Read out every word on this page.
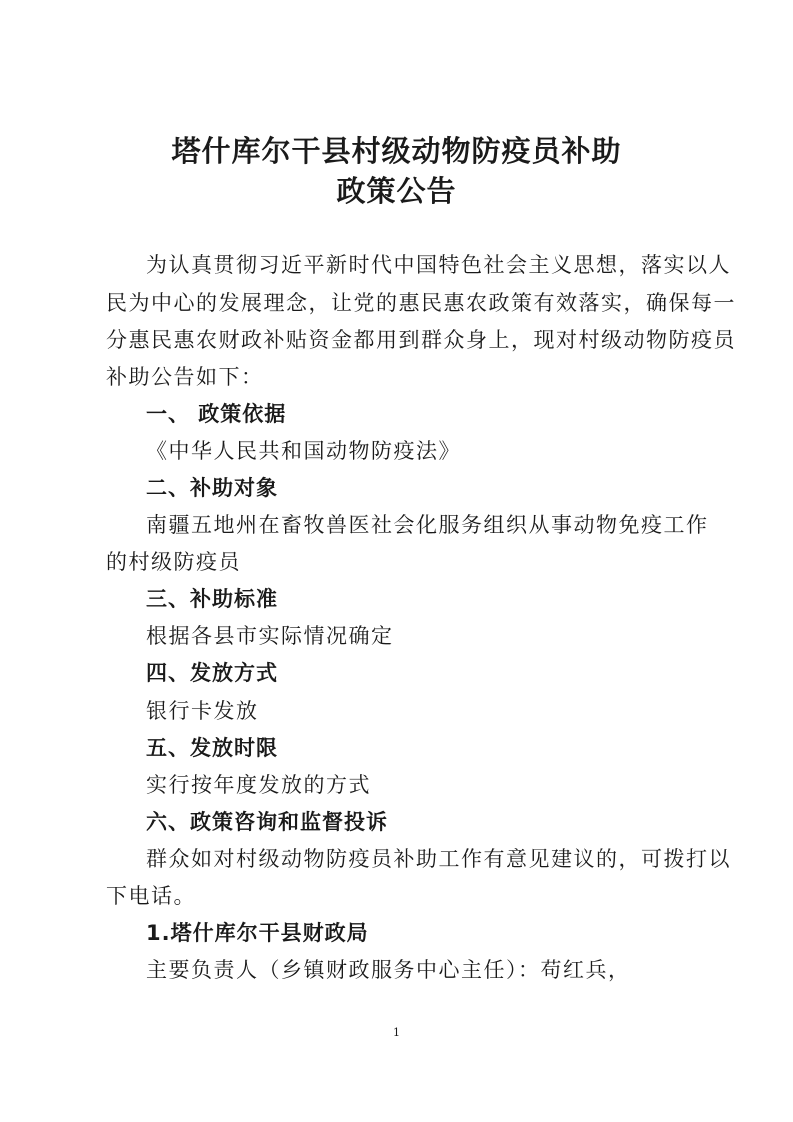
塔什库尔干县村级动物防疫员补助
政策公告
为认真贯彻习近平新时代中国特色社会主义思想，落实以人
民为中心的发展理念，让党的惠民惠农政策有效落实，确保每一
分惠民惠农财政补贴资金都用到群众身上，现对村级动物防疫员
补助公告如下：
一、 政策依据
《中华人民共和国动物防疫法》
二、补助对象
南疆五地州在畜牧兽医社会化服务组织从事动物免疫工作
的村级防疫员
三、补助标准
根据各县市实际情况确定
四、发放方式
银行卡发放
五、发放时限
实行按年度发放的方式
六、政策咨询和监督投诉
群众如对村级动物防疫员补助工作有意见建议的，可拨打以
下电话。
1.塔什库尔干县财政局
主要负责人（乡镇财政服务中心主任）：苟红兵，
1
